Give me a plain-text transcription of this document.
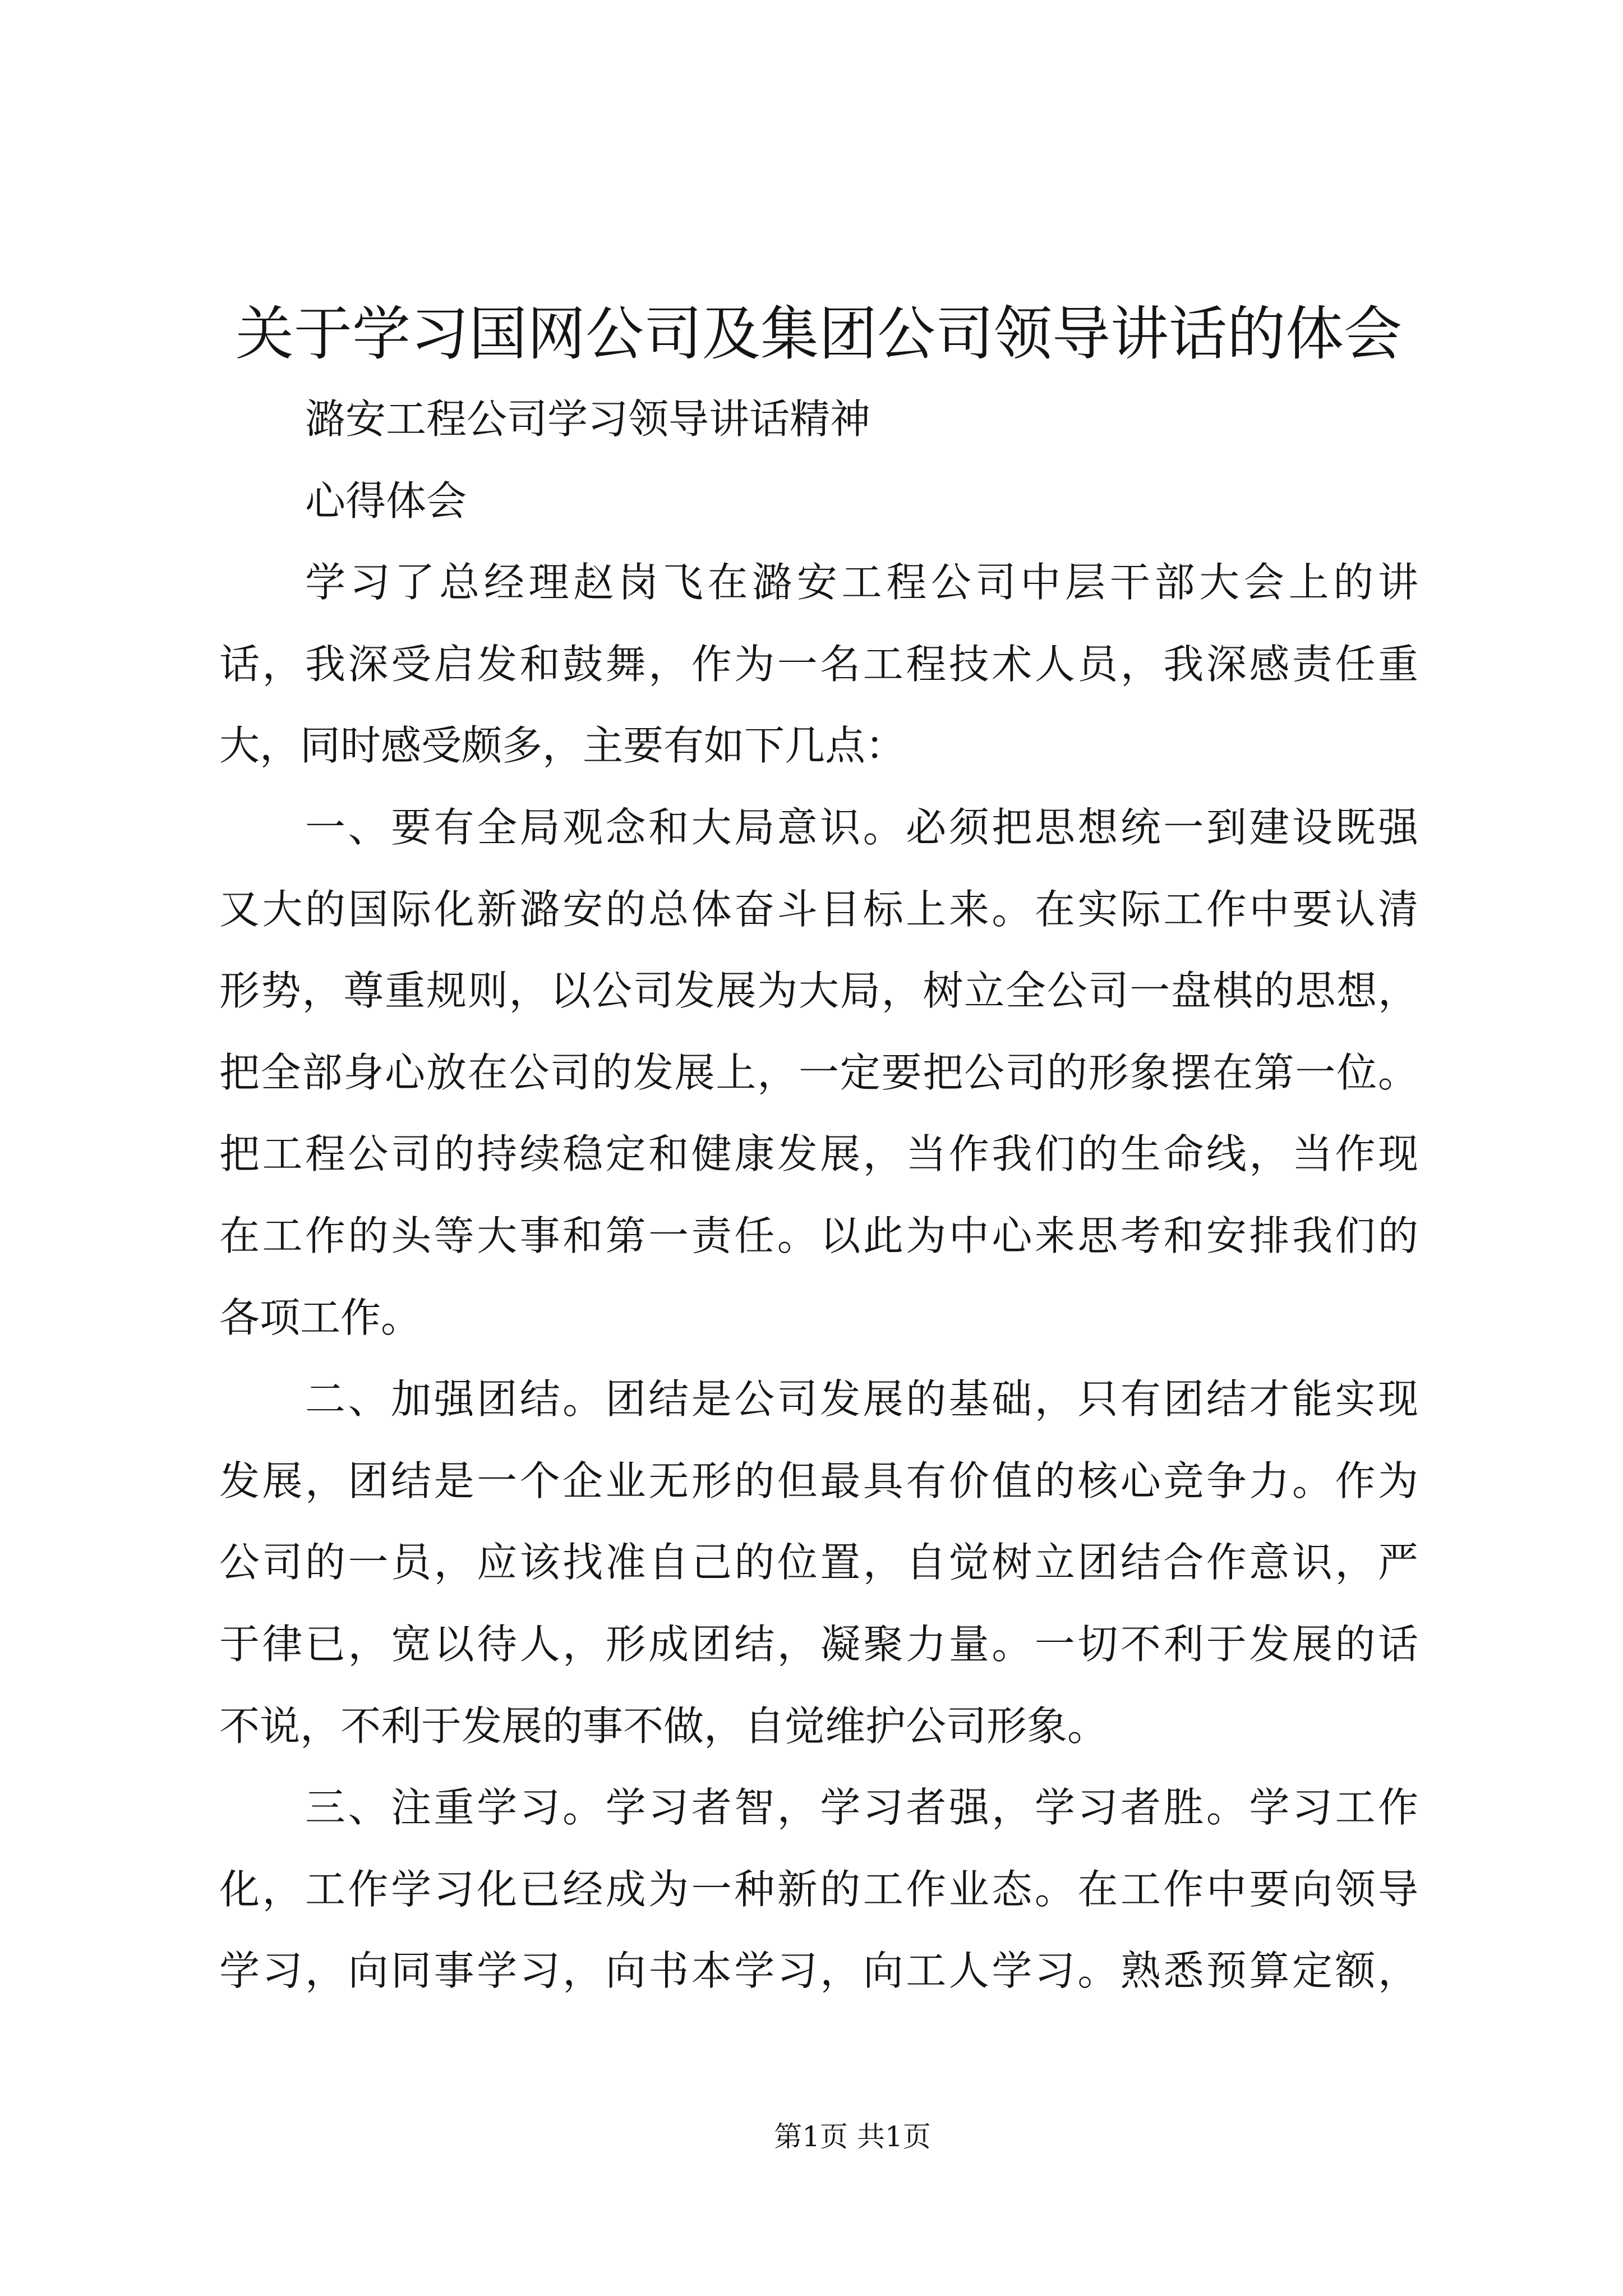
关于学习国网公司及集团公司领导讲话的体会
潞安工程公司学习领导讲话精神
心得体会
学习了总经理赵岗飞在潞安工程公司中层干部大会上的讲
话，我深受启发和鼓舞，作为一名工程技术人员，我深感责任重
大，同时感受颇多，主要有如下几点：
一、要有全局观念和大局意识。必须把思想统一到建设既强
又大的国际化新潞安的总体奋斗目标上来。在实际工作中要认清
形势，尊重规则，以公司发展为大局，树立全公司一盘棋的思想，
把全部身心放在公司的发展上，一定要把公司的形象摆在第一位。
把工程公司的持续稳定和健康发展，当作我们的生命线，当作现
在工作的头等大事和第一责任。以此为中心来思考和安排我们的
各项工作。
二、加强团结。团结是公司发展的基础，只有团结才能实现
发展，团结是一个企业无形的但最具有价值的核心竞争力。作为
公司的一员，应该找准自己的位置，自觉树立团结合作意识，严
于律已，宽以待人，形成团结，凝聚力量。一切不利于发展的话
不说，不利于发展的事不做，自觉维护公司形象。
三、注重学习。学习者智，学习者强，学习者胜。学习工作
化，工作学习化已经成为一种新的工作业态。在工作中要向领导
学习，向同事学习，向书本学习，向工人学习。熟悉预算定额，
第1页 共1页
